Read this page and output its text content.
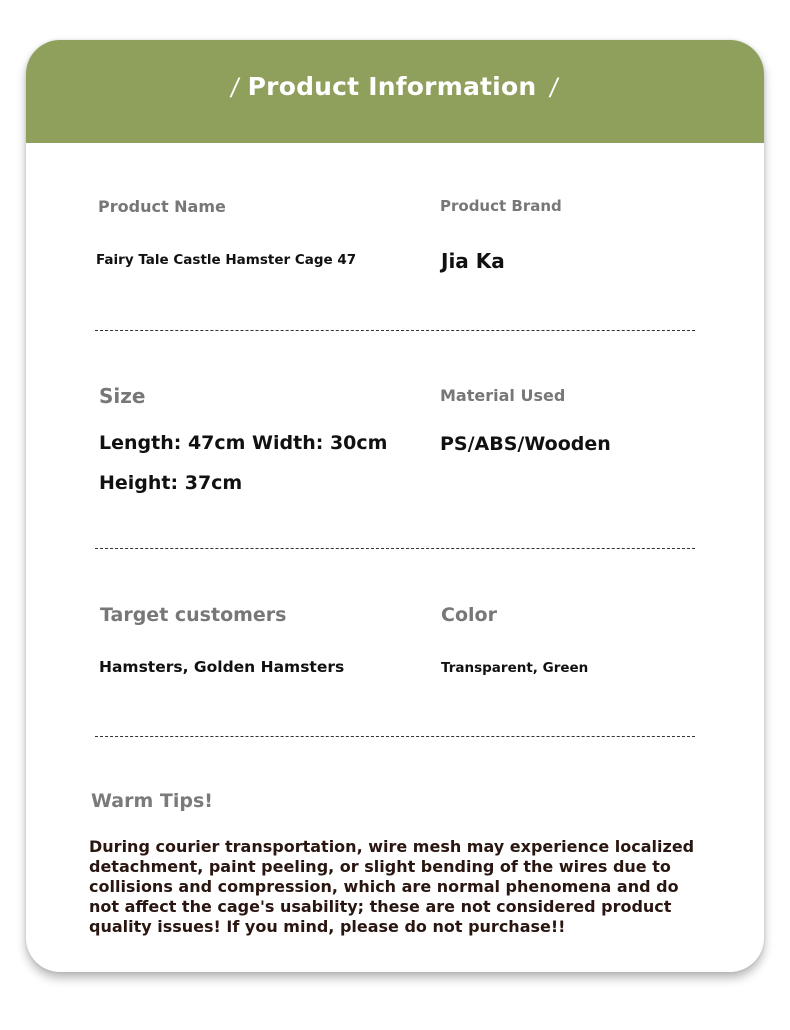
/ Product Information /
Product Name
Fairy Tale Castle Hamster Cage 47
Product Brand
Jia Ka
Size
Length: 47cm Width: 30cm
Height: 37cm
Material Used
PS/ABS/Wooden
Target customers
Hamsters, Golden Hamsters
Color
Transparent, Green
Warm Tips!
During courier transportation, wire mesh may experience localized detachment, paint peeling, or slight bending of the wires due to collisions and compression, which are normal phenomena and do not affect the cage's usability; these are not considered product quality issues! If you mind, please do not purchase!!
